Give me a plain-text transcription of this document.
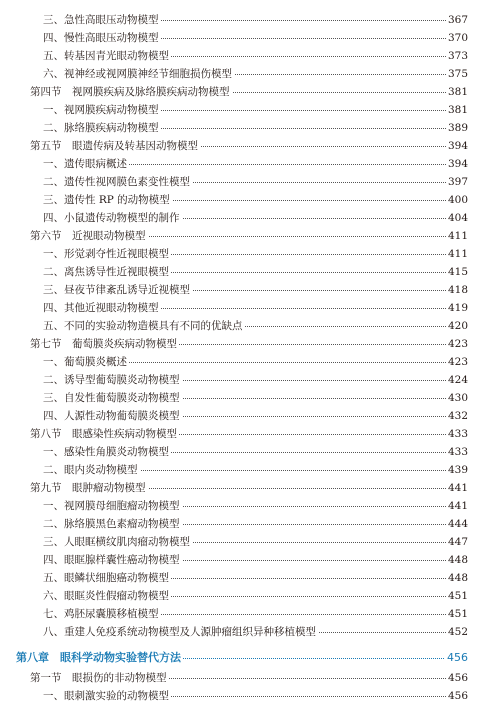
三、急性高眼压动物模型	367
四、慢性高眼压动物模型	370
五、转基因青光眼动物模型	373
六、视神经或视网膜神经节细胞损伤模型	375
第四节　视网膜疾病及脉络膜疾病动物模型	381
一、视网膜疾病动物模型	381
二、脉络膜疾病动物模型	389
第五节　眼遗传病及转基因动物模型	394
一、遗传眼病概述	394
二、遗传性视网膜色素变性模型	397
三、遗传性 RP 的动物模型	400
四、小鼠遗传动物模型的制作	404
第六节　近视眼动物模型	411
一、形觉剥夺性近视眼模型	411
二、离焦诱导性近视眼模型	415
三、昼夜节律紊乱诱导近视模型	418
四、其他近视眼动物模型	419
五、不同的实验动物造模具有不同的优缺点	420
第七节　葡萄膜炎疾病动物模型	423
一、葡萄膜炎概述	423
二、诱导型葡萄膜炎动物模型	424
三、自发性葡萄膜炎动物模型	430
四、人源性动物葡萄膜炎模型	432
第八节　眼感染性疾病动物模型	433
一、感染性角膜炎动物模型	433
二、眼内炎动物模型	439
第九节　眼肿瘤动物模型	441
一、视网膜母细胞瘤动物模型	441
二、脉络膜黑色素瘤动物模型	444
三、人眼眶横纹肌肉瘤动物模型	447
四、眼眶腺样囊性癌动物模型	448
五、眼鳞状细胞癌动物模型	448
六、眼眶炎性假瘤动物模型	451
七、鸡胚尿囊膜移植模型	451
八、重建人免疫系统动物模型及人源肿瘤组织异种移植模型	452
第八章　眼科学动物实验替代方法	456
第一节　眼损伤的非动物模型	456
一、眼刺激实验的动物模型	456
